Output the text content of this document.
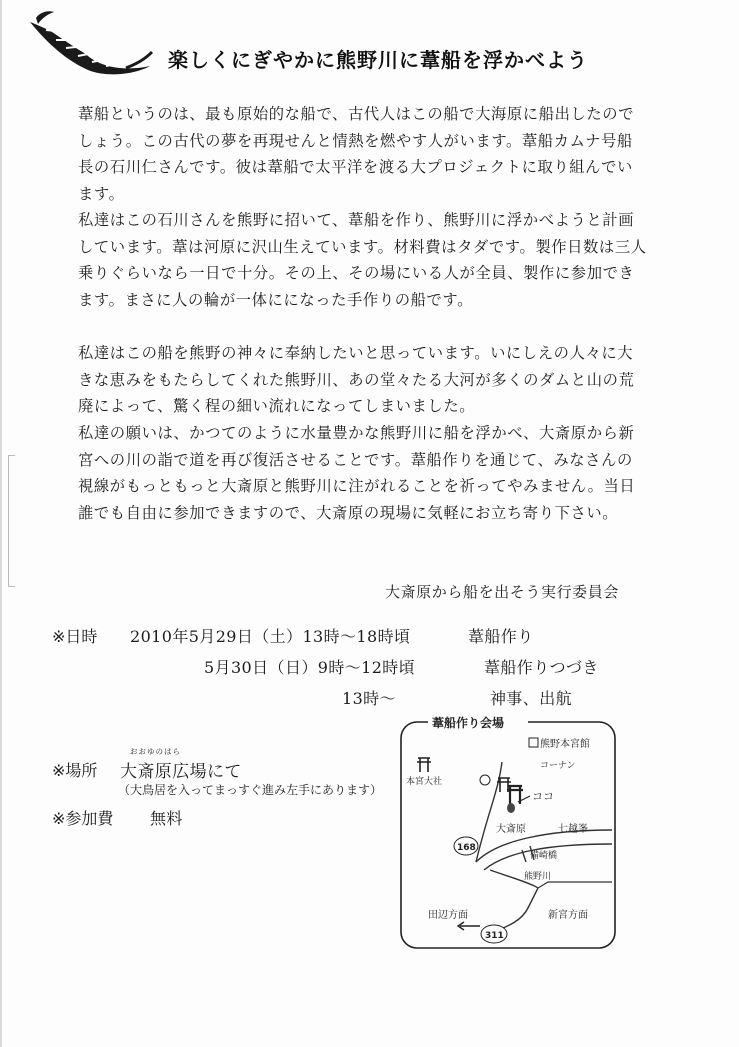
楽しくにぎやかに熊野川に葦船を浮かべよう

葦船というのは、最も原始的な船で、古代人はこの船で大海原に船出したのでしょう。この古代の夢を再現せんと情熱を燃やす人がいます。葦船カムナ号船長の石川仁さんです。彼は葦船で太平洋を渡る大プロジェクトに取り組んでいます。

私達はこの石川さんを熊野に招いて、葦船を作り、熊野川に浮かべようと計画しています。葦は河原に沢山生えています。材料費はタダです。製作日数は三人乗りぐらいなら一日で十分。その上、その場にいる人が全員、製作に参加できます。まさに人の輪が一体にになった手作りの船です。

私達はこの船を熊野の神々に奉納したいと思っています。いにしえの人々に大きな恵みをもたらしてくれた熊野川、あの堂々たる大河が多くのダムと山の荒廃によって、驚く程の細い流れになってしまいました。

私達の願いは、かつてのように水量豊かな熊野川に船を浮かべ、大斎原から新宮への川の詣で道を再び復活させることです。葦船作りを通じて、みなさんの視線がもっともっと大斎原と熊野川に注がれることを祈ってやみません。当日誰でも自由に参加できますので、大斎原の現場に気軽にお立ち寄り下さい。

大斎原から船を出そう実行委員会
※日時 2010年5月29日（土）13時～18時頃	葦船作り
5月30日（日）9時～12時頃	葦船作りつづき
13時～	神事、出航
※場所
おおゆのはら
大斎原広場にて
（大鳥居を入ってまっすぐ進み左手にあります）
※参加費 無料
葦船作り会場
熊野本宮館
コーナン
本宮大社
ココ
大斎原	七越峯
備崎橋
熊野川
田辺方面	新宮方面
168
311
